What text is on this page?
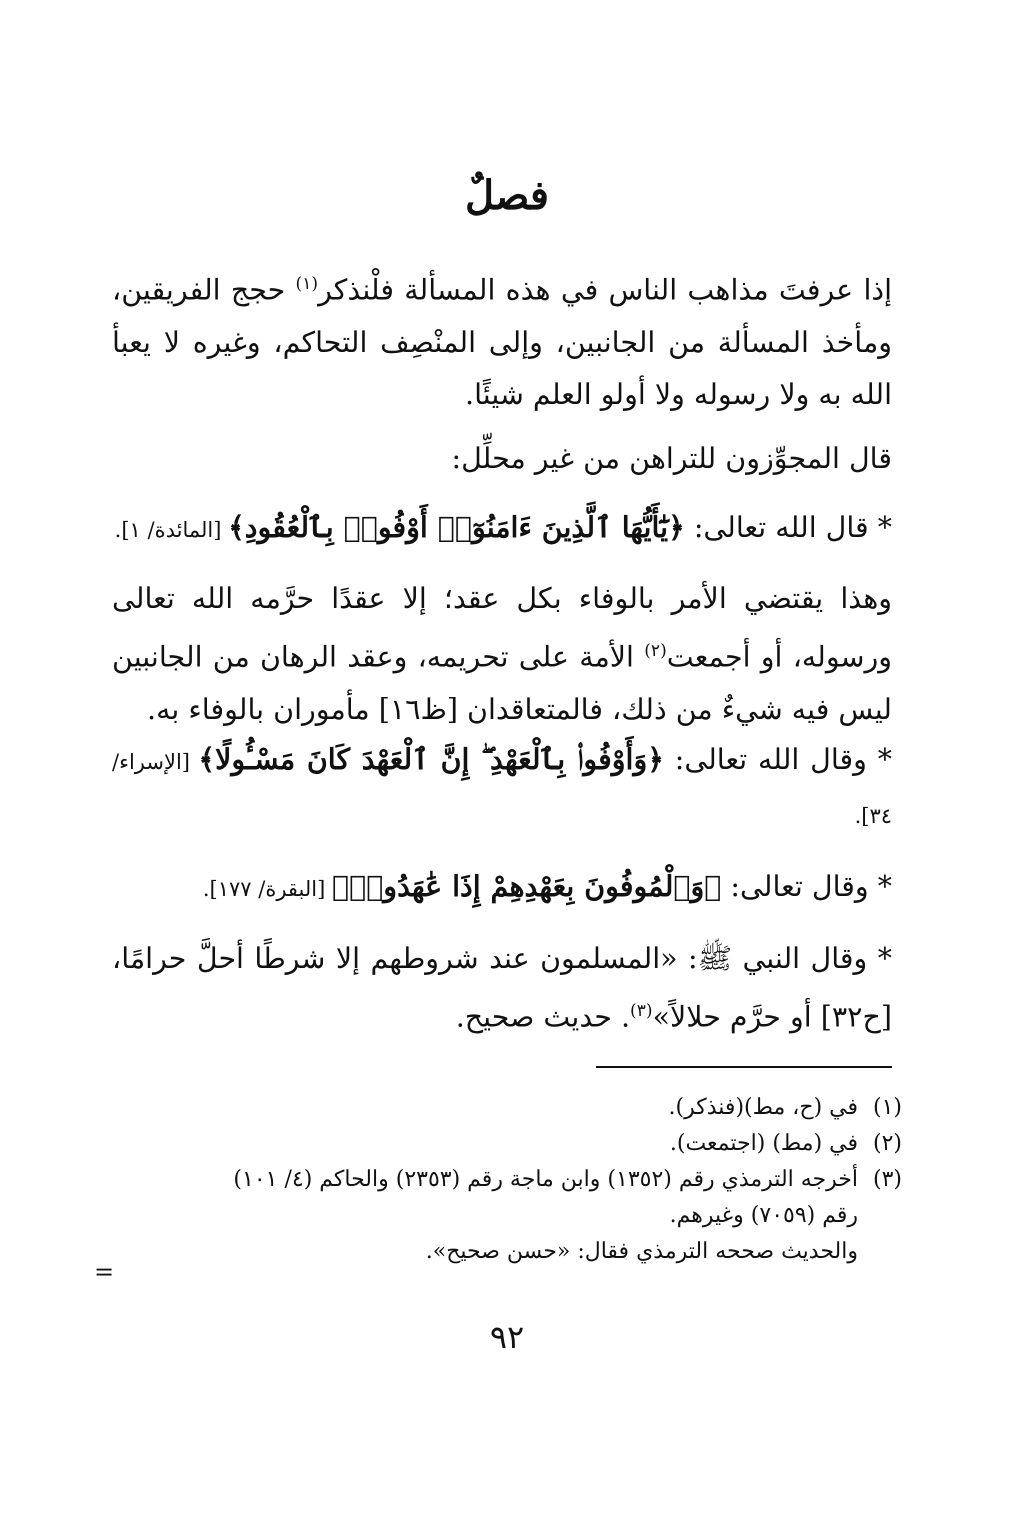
فصلٌ
إذا عرفتَ مذاهب الناس في هذه المسألة فلْنذكر$^{(١)}$ حجج الفريقين، ومأخذ المسألة من الجانبين، وإلى المنْصِف التحاكم، وغيره لا يعبأ الله به ولا رسوله ولا أولو العلم شيئًا.
قال المجوِّزون للتراهن من غير محلِّل:
* قال الله تعالى: ﴿يَٰٓأَيُّهَا ٱلَّذِينَ ءَامَنُوٓا۟ أَوْفُوا۟ بِٱلْعُقُودِ﴾ [المائدة/ ١].
وهذا يقتضي الأمر بالوفاء بكل عقد؛ إلا عقدًا حرَّمه الله تعالى ورسوله، أو أجمعت$^{(٢)}$ الأمة على تحريمه، وعقد الرهان من الجانبين ليس فيه شيءٌ من ذلك، فالمتعاقدان [ظ١٦] مأموران بالوفاء به.
* وقال الله تعالى: ﴿وَأَوْفُوا۟ بِٱلْعَهْدِ ۖ إِنَّ ٱلْعَهْدَ كَانَ مَسْـُٔولًا﴾ [الإسراء/ ٣٤].
* وقال تعالى: ﴿وَٱلْمُوفُونَ بِعَهْدِهِمْ إِذَا عَٰهَدُوا۟﴾ [البقرة/ ١٧٧].
* وقال النبي ﷺ: «المسلمون عند شروطهم إلا شرطًا أحلَّ حرامًا، [ح٣٢] أو حرَّم حلالاً»$^{(٣)}$. حديث صحيح.
(١)في (ح، مط)(فنذكر).
(٢)في (مط) (اجتمعت).
(٣)أخرجه الترمذي رقم (١٣٥٢) وابن ماجة رقم (٢٣٥٣) والحاكم (٤/ ١٠١)
رقم (٧٠٥٩) وغيرهم.
والحديث صححه الترمذي فقال: «حسن صحيح».
=
٩٢
